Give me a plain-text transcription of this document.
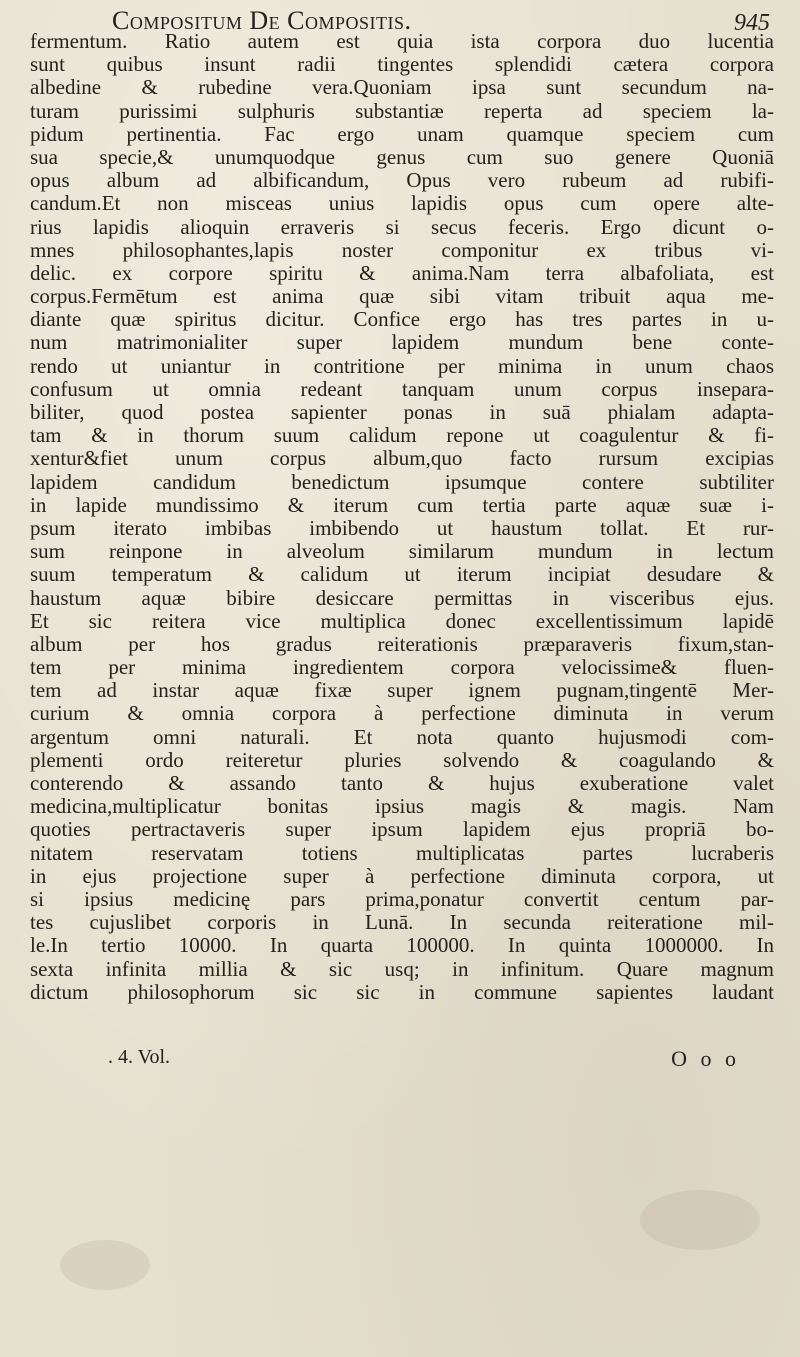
Compositum De Compositis.	945
fermentum. Ratio autem est quia ista corpora duo lucentia
sunt quibus insunt radii tingentes splendidi cætera corpora
albedine & rubedine vera.Quoniam ipsa sunt secundum na-
turam purissimi sulphuris substantiæ reperta ad speciem la-
pidum pertinentia. Fac ergo unam quamque speciem cum
sua specie,& unumquodque genus cum suo genere Quoniā
opus album ad albificandum, Opus vero rubeum ad rubifi-
candum.Et non misceas unius lapidis opus cum opere alte-
rius lapidis alioquin erraveris si secus feceris. Ergo dicunt o-
mnes philosophantes,lapis noster componitur ex tribus vi-
delic. ex corpore spiritu & anima.Nam terra albafoliata, est
corpus.Fermētum est anima quæ sibi vitam tribuit aqua me-
diante quæ spiritus dicitur. Confice ergo has tres partes in u-
num matrimonialiter super lapidem mundum bene conte-
rendo ut uniantur in contritione per minima in unum chaos
confusum ut omnia redeant tanquam unum corpus inseparа-
biliter, quod postea sapienter ponas in suā phialam adapta-
tam & in thorum suum calidum repone ut coagulentur & fi-
xentur&fiet unum corpus album,quo facto rursum excipias
lapidem candidum benedictum ipsumque contere subtiliter
in lapide mundissimo & iterum cum tertia parte aquæ suæ i-
psum iterato imbibas imbibendo ut haustum tollat. Et rur-
sum reinpone in alveolum similarum mundum in lectum
suum temperatum & calidum ut iterum incipiat desudare &
haustum aquæ bibire desiccare permittas in visceribus ejus.
Et sic reitera vice multiplica donec excellentissimum lapidē
album per hos gradus reiterationis præparaveris fixum,stan-
tem per minima ingredientem corpora velocissime& fluen-
tem ad instar aquæ fixæ super ignem pugnam,tingentē Mer-
curium & omnia corpora à perfectione diminuta in verum
argentum omni naturali. Et nota quanto hujusmodi com-
plementi ordo reiteretur pluries solvendo & coagulando &
conterendo & assando tanto & hujus exuberatione valet
medicina,multiplicatur bonitas ipsius magis & magis. Nam
quoties pertractaveris super ipsum lapidem ejus propriā bo-
nitatem reservatam totiens multiplicatas partes lucraberis
in ejus projectione super à perfectione diminuta corpora, ut
si ipsius medicinę pars prima,ponatur convertit centum par-
tes cujuslibet corporis in Lunā. In secunda reiteratione mil-
le.In tertio 10000. In quarta 100000. In quinta 1000000. In
sexta infinita millia & sic usq; in infinitum. Quare magnum
dictum philosophorum sic sic in commune sapientes laudant
. 4. Vol.	O o o
